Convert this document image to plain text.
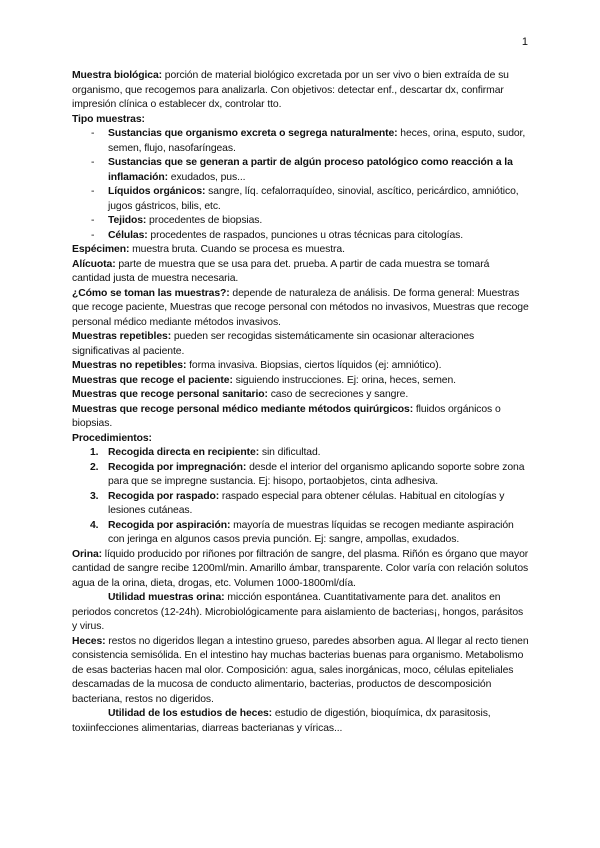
1

Muestra biológica: porción de material biológico excretada por un ser vivo o bien extraída de su organismo, que recogemos para analizarla. Con objetivos: detectar enf., descartar dx, confirmar impresión clínica o establecer dx, controlar tto.

Tipo muestras:

- Sustancias que organismo excreta o segrega naturalmente: heces, orina, esputo, sudor, semen, flujo, nasofaríngeas.
- Sustancias que se generan a partir de algún proceso patológico como reacción a la inflamación: exudados, pus...
- Líquidos orgánicos: sangre, líq. cefalorraquídeo, sinovial, ascítico, pericárdico, amniótico, jugos gástricos, bilis, etc.
- Tejidos: procedentes de biopsias.
- Células: procedentes de raspados, punciones u otras técnicas para citologías.

Espécimen: muestra bruta. Cuando se procesa es muestra.

Alícuota: parte de muestra que se usa para det. prueba. A partir de cada muestra se tomará cantidad justa de muestra necesaria.

¿Cómo se toman las muestras?: depende de naturaleza de análisis. De forma general: Muestras que recoge paciente, Muestras que recoge personal con métodos no invasivos, Muestras que recoge personal médico mediante métodos invasivos.

Muestras repetibles: pueden ser recogidas sistemáticamente sin ocasionar alteraciones significativas al paciente.

Muestras no repetibles: forma invasiva. Biopsias, ciertos líquidos (ej: amniótico).

Muestras que recoge el paciente: siguiendo instrucciones. Ej: orina, heces, semen.

Muestras que recoge personal sanitario: caso de secreciones y sangre.

Muestras que recoge personal médico mediante métodos quirúrgicos: fluidos orgánicos o biopsias.

Procedimientos:

1. Recogida directa en recipiente: sin dificultad.
2. Recogida por impregnación: desde el interior del organismo aplicando soporte sobre zona para que se impregne sustancia. Ej: hisopo, portaobjetos, cinta adhesiva.
3. Recogida por raspado: raspado especial para obtener células. Habitual en citologías y lesiones cutáneas.
4. Recogida por aspiración: mayoría de muestras líquidas se recogen mediante aspiración con jeringa en algunos casos previa punción. Ej: sangre, ampollas, exudados.

Orina: líquido producido por riñones por filtración de sangre, del plasma. Riñón es órgano que mayor cantidad de sangre recibe 1200ml/min. Amarillo ámbar, transparente. Color varía con relación solutos agua de la orina, dieta, drogas, etc. Volumen 1000-1800ml/día.

Utilidad muestras orina: micción espontánea. Cuantitativamente para det. analitos en periodos concretos (12-24h). Microbiológicamente para aislamiento de bacterias¡, hongos, parásitos y virus.

Heces: restos no digeridos llegan a intestino grueso, paredes absorben agua. Al llegar al recto tienen consistencia semisólida. En el intestino hay muchas bacterias buenas para organismo. Metabolismo de esas bacterias hacen mal olor. Composición: agua, sales inorgánicas, moco, células epiteliales descamadas de la mucosa de conducto alimentario, bacterias, productos de descomposición bacteriana, restos no digeridos.

Utilidad de los estudios de heces: estudio de digestión, bioquímica, dx parasitosis, toxiinfecciones alimentarias, diarreas bacterianas y víricas...
